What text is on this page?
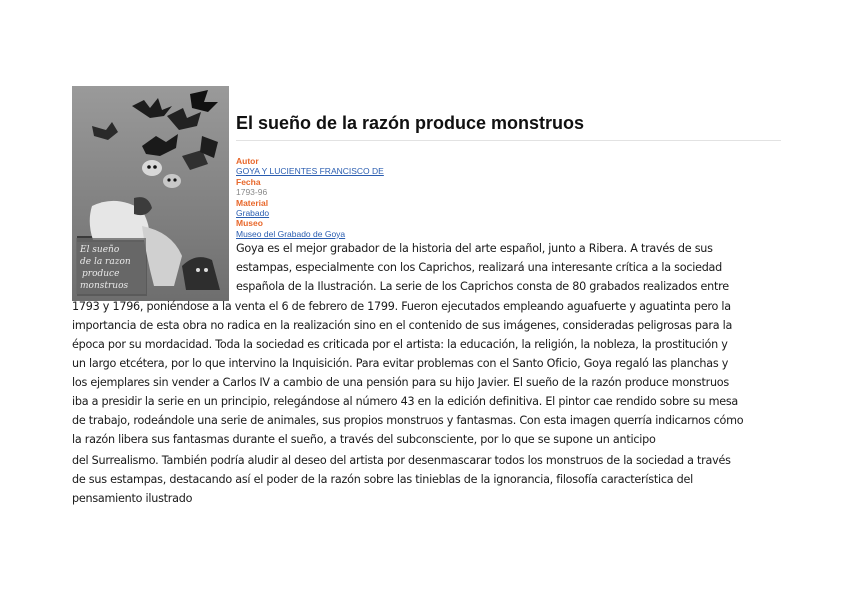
El sueño
de la razon
produce
monstruos
El sueño de la razón produce monstruos
Autor
GOYA Y LUCIENTES FRANCISCO DE
Fecha
1793-96
Material
Grabado
Museo
Museo del Grabado de Goya
Goya es el mejor grabador de la historia del arte español, junto a Ribera. A través de sus
estampas, especialmente con los Caprichos, realizará una interesante crítica a la sociedad
española de la Ilustración. La serie de los Caprichos consta de 80 grabados realizados entre
1793 y 1796, poniéndose a la venta el 6 de febrero de 1799. Fueron ejecutados empleando aguafuerte y aguatinta pero la
importancia de esta obra no radica en la realización sino en el contenido de sus imágenes, consideradas peligrosas para la
época por su mordacidad. Toda la sociedad es criticada por el artista: la educación, la religión, la nobleza, la prostitución y
un largo etcétera, por lo que intervino la Inquisición. Para evitar problemas con el Santo Oficio, Goya regaló las planchas y
los ejemplares sin vender a Carlos IV a cambio de una pensión para su hijo Javier. El sueño de la razón produce monstruos
iba a presidir la serie en un principio, relegándose al número 43 en la edición definitiva. El pintor cae rendido sobre su mesa
de trabajo, rodeándole una serie de animales, sus propios monstruos y fantasmas. Con esta imagen querría indicarnos cómo
la razón libera sus fantasmas durante el sueño, a través del subconsciente, por lo que se supone un anticipo
del Surrealismo. También podría aludir al deseo del artista por desenmascarar todos los monstruos de la sociedad a través
de sus estampas, destacando así el poder de la razón sobre las tinieblas de la ignorancia, filosofía característica del
pensamiento ilustrado
